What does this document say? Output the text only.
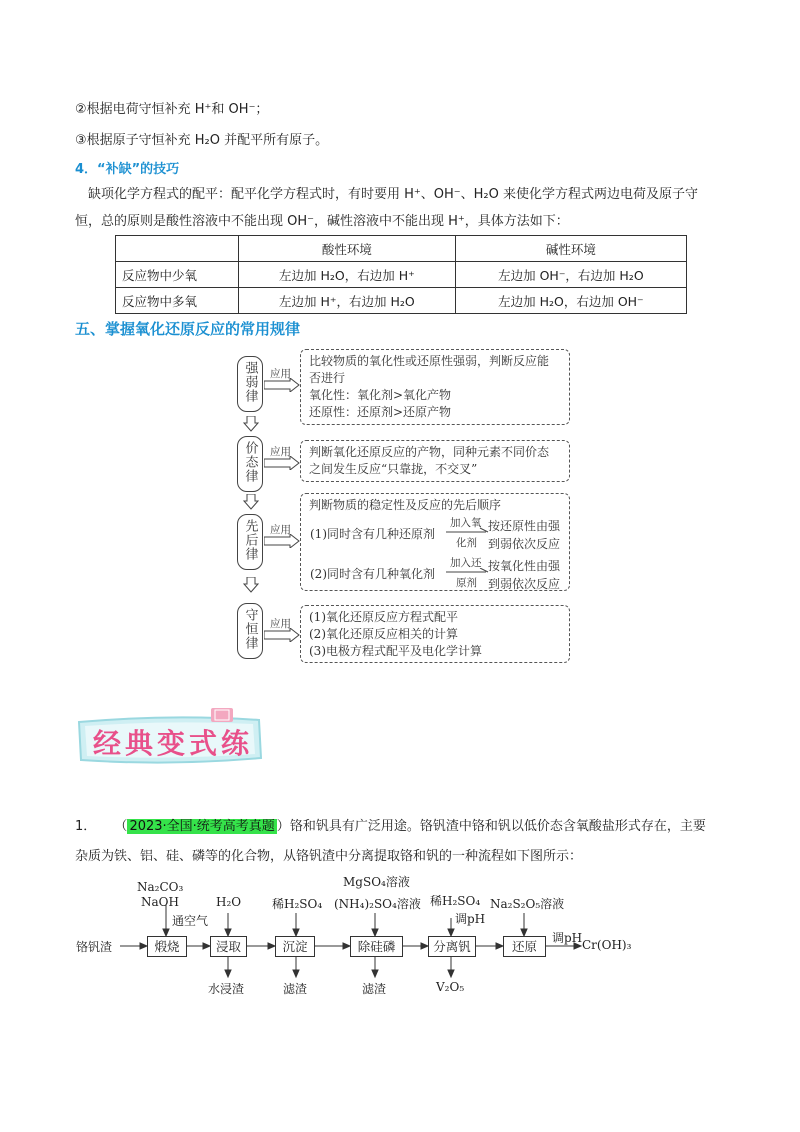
②根据电荷守恒补充 H⁺和 OH⁻；
③根据原子守恒补充 H₂O 并配平所有原子。
4．“补缺”的技巧
缺项化学方程式的配平：配平化学方程式时，有时要用 H⁺、OH⁻、H₂O 来使化学方程式两边电荷及原子守
恒，总的原则是酸性溶液中不能出现 OH⁻，碱性溶液中不能出现 H⁺，具体方法如下：
	酸性环境	碱性环境
反应物中少氧	左边加 H₂O，右边加 H⁺	左边加 OH⁻，右边加 H₂O
反应物中多氧	左边加 H⁺，右边加 H₂O	左边加 H₂O，右边加 OH⁻
五、掌握氧化还原反应的常用规律
强弱律	应用
比较物质的氧化性或还原性强弱，判断反应能
否进行
氧化性：氧化剂>氧化产物
还原性：还原剂>还原产物
价态律	应用 判断氧化还原反应的产物，同种元素不同价态
之间发生反应“只靠拢，不交叉”
先后律	应用
判断物质的稳定性及反应的先后顺序
(1)同时含有几种还原剂
加入氧
化剂
按还原性由强
到弱依次反应
(2)同时含有几种氧化剂
加入还
原剂
按氧化性由强
到弱依次反应
守恒律	应用 (1)氧化还原反应方程式配平
(2)氧化还原反应相关的计算
(3)电极方程式配平及电化学计算
经典变式练
1． （ 2023·全国·统考高考真题 ）铬和钒具有广泛用途。铬钒渣中铬和钒以低价态含氧酸盐形式存在，主要
杂质为铁、铝、硅、磷等的化合物，从铬钒渣中分离提取铬和钒的一种流程如下图所示：
铬钒渣	煅烧	浸取	沉淀	除硅磷	分离钒	还原	Cr(OH)₃
Na₂CO₃
NaOH
通空气
H₂O	稀H₂SO₄
MgSO₄溶液
(NH₄)₂SO₄溶液 稀H₂SO₄
调pH
Na₂S₂O₅溶液
调pH
水浸渣	滤渣	滤渣	V₂O₅
